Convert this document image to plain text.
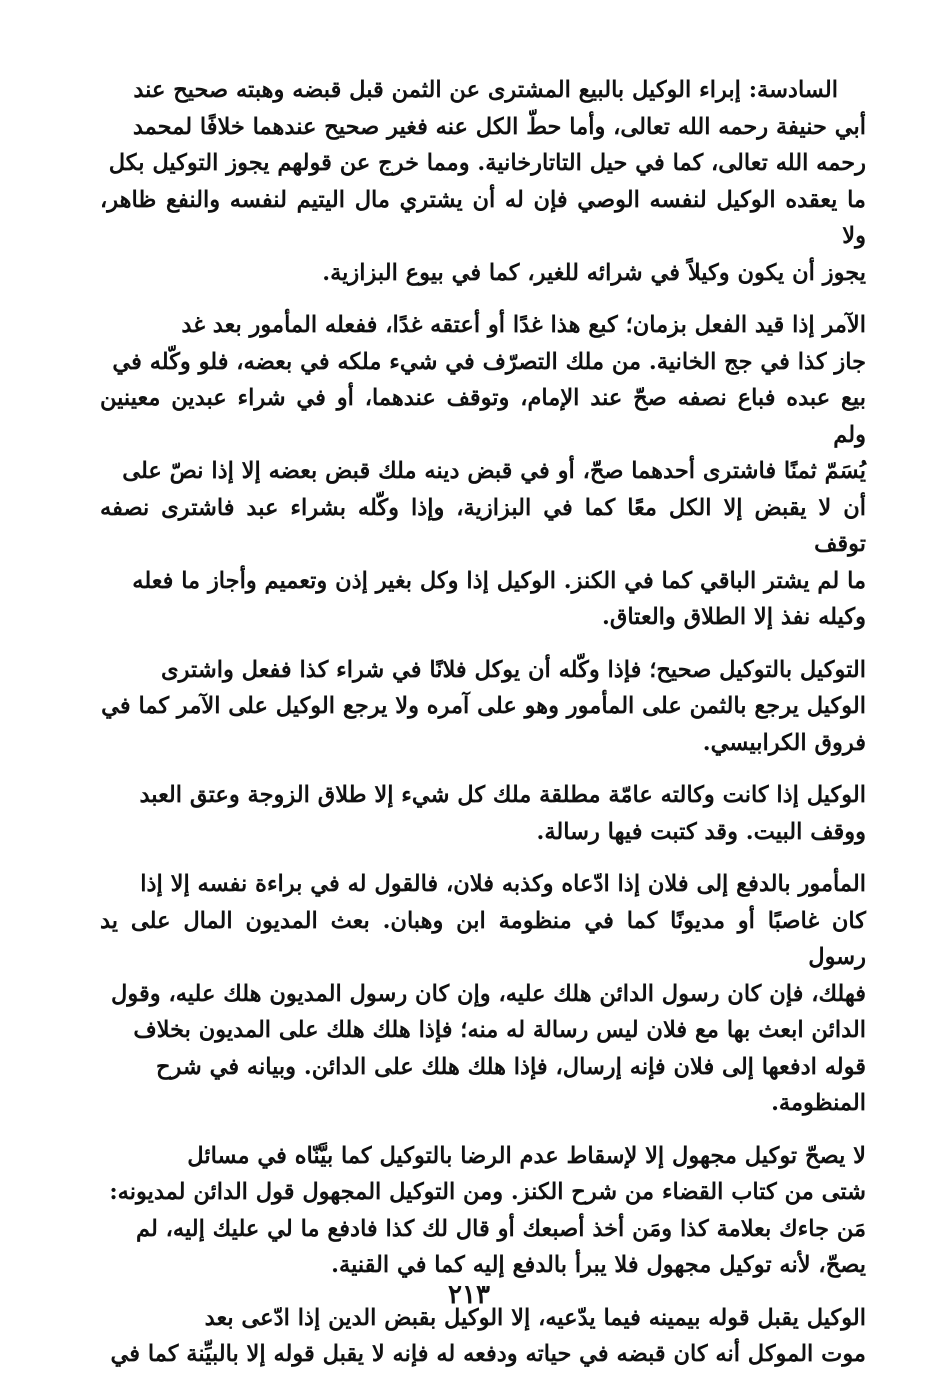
السادسة: إبراء الوكيل بالبيع المشترى عن الثمن قبل قبضه وهبته صحيح عند
أبي حنيفة رحمه الله تعالى، وأما حطّ الكل عنه فغير صحيح عندهما خلافًا لمحمد
رحمه الله تعالى، كما في حيل التاتارخانية. ومما خرج عن قولهم يجوز التوكيل بكل
ما يعقده الوكيل لنفسه الوصي فإن له أن يشتري مال اليتيم لنفسه والنفع ظاهر، ولا
يجوز أن يكون وكيلاً في شرائه للغير، كما في بيوع البزازية.

الآمر إذا قيد الفعل بزمان؛ كبع هذا غدًا أو أعتقه غدًا، ففعله المأمور بعد غد
جاز كذا في جج الخانية. من ملك التصرّف في شيء ملكه في بعضه، فلو وكّله في
بيع عبده فباع نصفه صحّ عند الإمام، وتوقف عندهما، أو في شراء عبدين معينين ولم
يُسَمّ ثمنًا فاشترى أحدهما صحّ، أو في قبض دينه ملك قبض بعضه إلا إذا نصّ على
أن لا يقبض إلا الكل معًا كما في البزازية، وإذا وكّله بشراء عبد فاشترى نصفه توقف
ما لم يشتر الباقي كما في الكنز. الوكيل إذا وكل بغير إذن وتعميم وأجاز ما فعله
وكيله نفذ إلا الطلاق والعتاق.

التوكيل بالتوكيل صحيح؛ فإذا وكّله أن يوكل فلانًا في شراء كذا ففعل واشترى
الوكيل يرجع بالثمن على المأمور وهو على آمره ولا يرجع الوكيل على الآمر كما في
فروق الكرابيسي.

الوكيل إذا كانت وكالته عامّة مطلقة ملك كل شيء إلا طلاق الزوجة وعتق العبد
ووقف البيت. وقد كتبت فيها رسالة.

المأمور بالدفع إلى فلان إذا ادّعاه وكذبه فلان، فالقول له في براءة نفسه إلا إذا
كان غاصبًا أو مديونًا كما في منظومة ابن وهبان. بعث المديون المال على يد رسول
فهلك، فإن كان رسول الدائن هلك عليه، وإن كان رسول المديون هلك عليه، وقول
الدائن ابعث بها مع فلان ليس رسالة له منه؛ فإذا هلك هلك على المديون بخلاف
قوله ادفعها إلى فلان فإنه إرسال، فإذا هلك هلك على الدائن. وبيانه في شرح
المنظومة.

لا يصحّ توكيل مجهول إلا لإسقاط عدم الرضا بالتوكيل كما بيَّنّاه في مسائل
شتى من كتاب القضاء من شرح الكنز. ومن التوكيل المجهول قول الدائن لمديونه:
مَن جاءك بعلامة كذا ومَن أخذ أصبعك أو قال لك كذا فادفع ما لي عليك إليه، لم
يصحّ، لأنه توكيل مجهول فلا يبرأ بالدفع إليه كما في القنية.

الوكيل يقبل قوله بيمينه فيما يدّعيه، إلا الوكيل بقبض الدين إذا ادّعى بعد
موت الموكل أنه كان قبضه في حياته ودفعه له فإنه لا يقبل قوله إلا بالبيِّنة كما في

٢١٣
